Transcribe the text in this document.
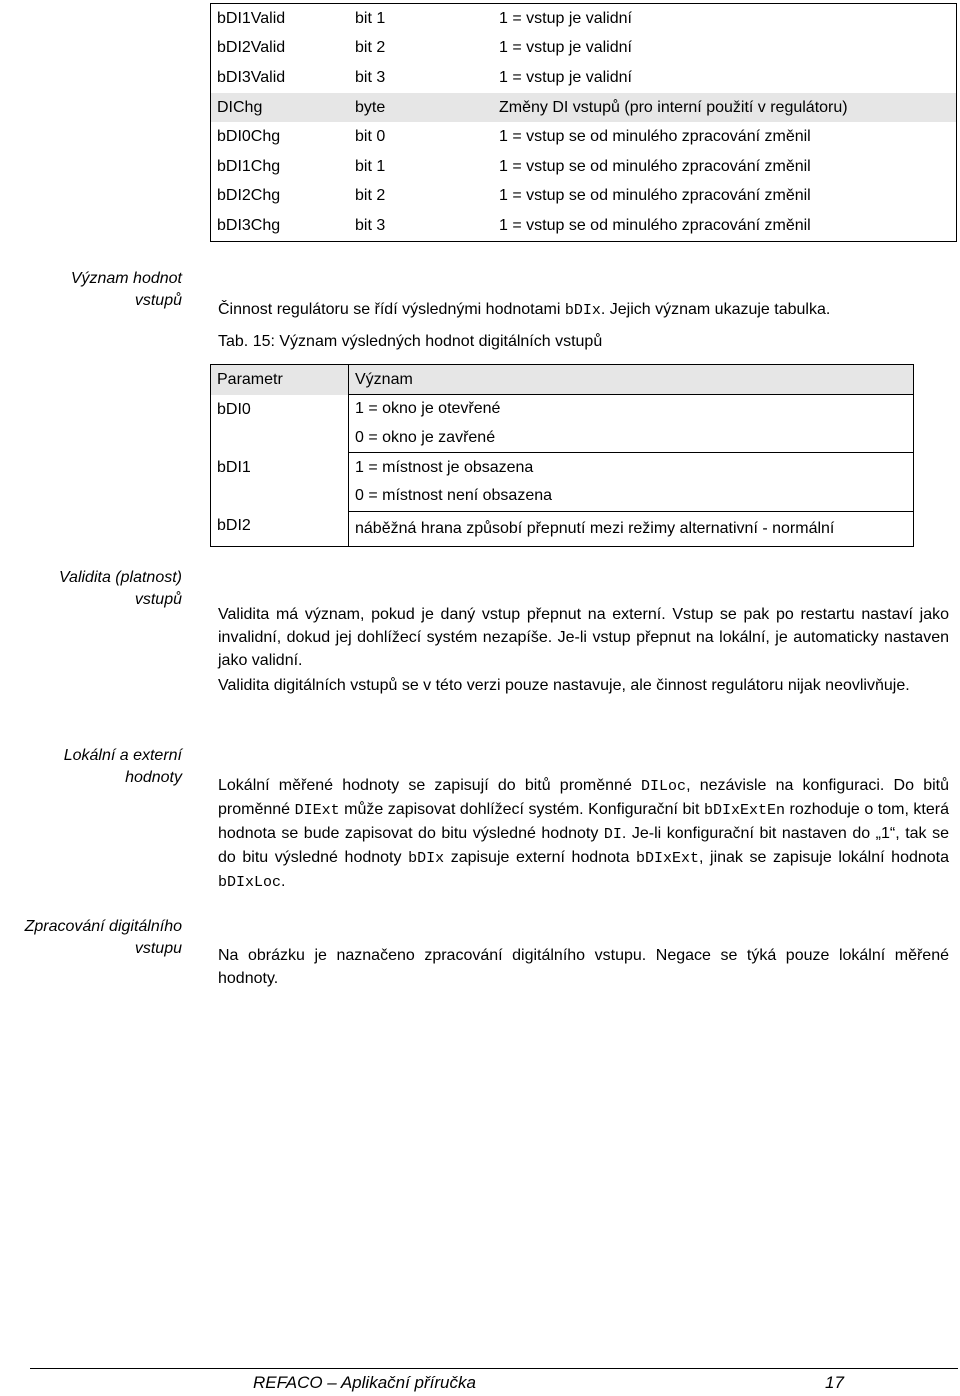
bDI1Valid	bit 1	1 = vstup je validní
bDI2Valid	bit 2	1 = vstup je validní
bDI3Valid	bit 3	1 = vstup je validní
DIChg	byte	Změny DI vstupů (pro interní použití v regulátoru)
bDI0Chg	bit 0	1 = vstup se od minulého zpracování změnil
bDI1Chg	bit 1	1 = vstup se od minulého zpracování změnil
bDI2Chg	bit 2	1 = vstup se od minulého zpracování změnil
bDI3Chg	bit 3	1 = vstup se od minulého zpracování změnil
Význam hodnot
vstupů
Činnost regulátoru se řídí výslednými hodnotami bDIx. Jejich význam ukazuje tabulka.
Tab. 15: Význam výsledných hodnot digitálních vstupů
Parametr	Význam
bDI0	1 = okno je otevřené
	0 = okno je zavřené
bDI1	1 = místnost je obsazena
	0 = místnost není obsazena
bDI2	náběžná hrana způsobí přepnutí mezi režimy alternativní - normální
Validita (platnost)
vstupů
Validita má význam, pokud je daný vstup přepnut na externí. Vstup se pak po restartu nastaví jako invalidní, dokud jej dohlížecí systém nezapíše. Je-li vstup přepnut na lokální, je automaticky nastaven jako validní.
Validita digitálních vstupů se v této verzi pouze nastavuje, ale činnost regulátoru nijak neovlivňuje.
Lokální a externí
hodnoty Lokální měřené hodnoty se zapisují do bitů proměnné DILoc, nezávisle na konfiguraci. Do bitů proměnné DIExt může zapisovat dohlížecí systém. Konfigurační bit bDIxExtEn rozhoduje o tom, která hodnota se bude zapisovat do bitu výsledné hodnoty DI. Je-li konfigurační bit nastaven do „1“, tak se do bitu výsledné hodnoty bDIx zapisuje externí hodnota bDIxExt, jinak se zapisuje lokální hodnota bDIxLoc.
Zpracování digitálního
vstupu Na obrázku je naznačeno zpracování digitálního vstupu. Negace se týká pouze lokální měřené hodnoty.
REFACO – Aplikační příručka	17
